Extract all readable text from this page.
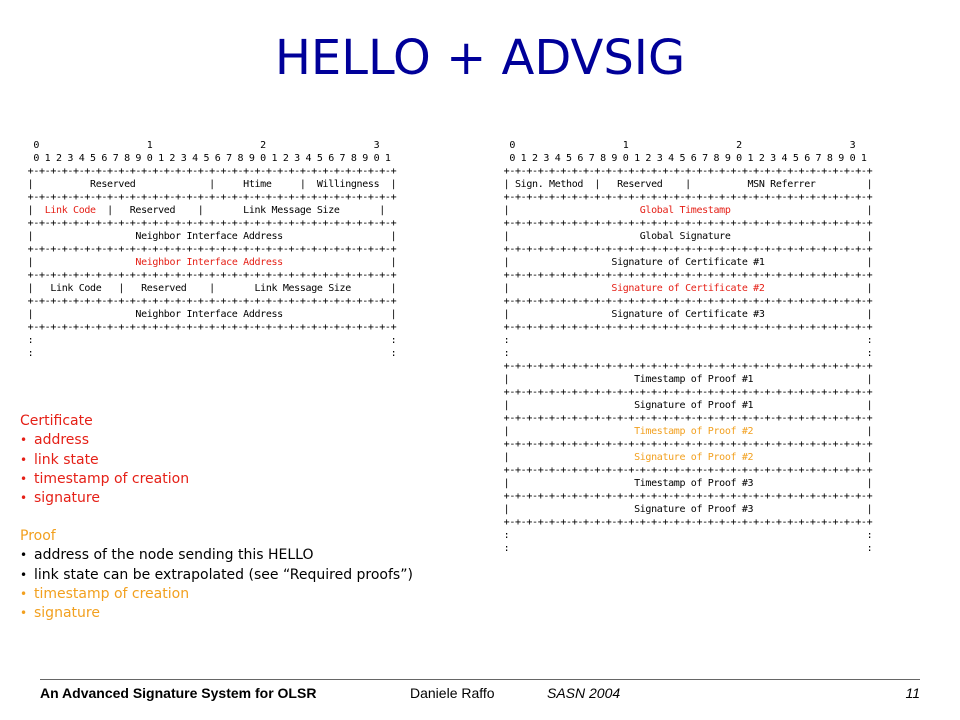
HELLO + ADVSIG
0                   1                   2                   3
0 1 2 3 4 5 6 7 8 9 0 1 2 3 4 5 6 7 8 9 0 1 2 3 4 5 6 7 8 9 0 1
+-+-+-+-+-+-+-+-+-+-+-+-+-+-+-+-+-+-+-+-+-+-+-+-+-+-+-+-+-+-+-+-+
|          Reserved             |     Htime     |  Willingness  |
+-+-+-+-+-+-+-+-+-+-+-+-+-+-+-+-+-+-+-+-+-+-+-+-+-+-+-+-+-+-+-+-+
|  Link Code  |   Reserved    |       Link Message Size       |
+-+-+-+-+-+-+-+-+-+-+-+-+-+-+-+-+-+-+-+-+-+-+-+-+-+-+-+-+-+-+-+-+
|                  Neighbor Interface Address                   |
+-+-+-+-+-+-+-+-+-+-+-+-+-+-+-+-+-+-+-+-+-+-+-+-+-+-+-+-+-+-+-+-+
|                  Neighbor Interface Address                   |
+-+-+-+-+-+-+-+-+-+-+-+-+-+-+-+-+-+-+-+-+-+-+-+-+-+-+-+-+-+-+-+-+
|   Link Code   |   Reserved    |       Link Message Size       |
+-+-+-+-+-+-+-+-+-+-+-+-+-+-+-+-+-+-+-+-+-+-+-+-+-+-+-+-+-+-+-+-+
|                  Neighbor Interface Address                   |
+-+-+-+-+-+-+-+-+-+-+-+-+-+-+-+-+-+-+-+-+-+-+-+-+-+-+-+-+-+-+-+-+
:                                                               :
:                                                               :
0                   1                   2                   3
0 1 2 3 4 5 6 7 8 9 0 1 2 3 4 5 6 7 8 9 0 1 2 3 4 5 6 7 8 9 0 1
+-+-+-+-+-+-+-+-+-+-+-+-+-+-+-+-+-+-+-+-+-+-+-+-+-+-+-+-+-+-+-+-+
| Sign. Method  |   Reserved    |          MSN Referrer         |
+-+-+-+-+-+-+-+-+-+-+-+-+-+-+-+-+-+-+-+-+-+-+-+-+-+-+-+-+-+-+-+-+
|                       Global Timestamp                        |
+-+-+-+-+-+-+-+-+-+-+-+-+-+-+-+-+-+-+-+-+-+-+-+-+-+-+-+-+-+-+-+-+
|                       Global Signature                        |
+-+-+-+-+-+-+-+-+-+-+-+-+-+-+-+-+-+-+-+-+-+-+-+-+-+-+-+-+-+-+-+-+
|                  Signature of Certificate #1                  |
+-+-+-+-+-+-+-+-+-+-+-+-+-+-+-+-+-+-+-+-+-+-+-+-+-+-+-+-+-+-+-+-+
|                  Signature of Certificate #2                  |
+-+-+-+-+-+-+-+-+-+-+-+-+-+-+-+-+-+-+-+-+-+-+-+-+-+-+-+-+-+-+-+-+
|                  Signature of Certificate #3                  |
+-+-+-+-+-+-+-+-+-+-+-+-+-+-+-+-+-+-+-+-+-+-+-+-+-+-+-+-+-+-+-+-+
:                                                               :
:                                                               :
+-+-+-+-+-+-+-+-+-+-+-+-+-+-+-+-+-+-+-+-+-+-+-+-+-+-+-+-+-+-+-+-+
|                      Timestamp of Proof #1                    |
+-+-+-+-+-+-+-+-+-+-+-+-+-+-+-+-+-+-+-+-+-+-+-+-+-+-+-+-+-+-+-+-+
|                      Signature of Proof #1                    |
+-+-+-+-+-+-+-+-+-+-+-+-+-+-+-+-+-+-+-+-+-+-+-+-+-+-+-+-+-+-+-+-+
|                      Timestamp of Proof #2                    |
+-+-+-+-+-+-+-+-+-+-+-+-+-+-+-+-+-+-+-+-+-+-+-+-+-+-+-+-+-+-+-+-+
|                      Signature of Proof #2                    |
+-+-+-+-+-+-+-+-+-+-+-+-+-+-+-+-+-+-+-+-+-+-+-+-+-+-+-+-+-+-+-+-+
|                      Timestamp of Proof #3                    |
+-+-+-+-+-+-+-+-+-+-+-+-+-+-+-+-+-+-+-+-+-+-+-+-+-+-+-+-+-+-+-+-+
|                      Signature of Proof #3                    |
+-+-+-+-+-+-+-+-+-+-+-+-+-+-+-+-+-+-+-+-+-+-+-+-+-+-+-+-+-+-+-+-+
:                                                               :
:                                                               :
Certificate
• address
• link state
• timestamp of creation
• signature
Proof
• address of the node sending this HELLO
• link state can be extrapolated (see “Required proofs”)
• timestamp of creation
• signature
An Advanced Signature System for OLSR	Daniele Raffo	SASN 2004	11
